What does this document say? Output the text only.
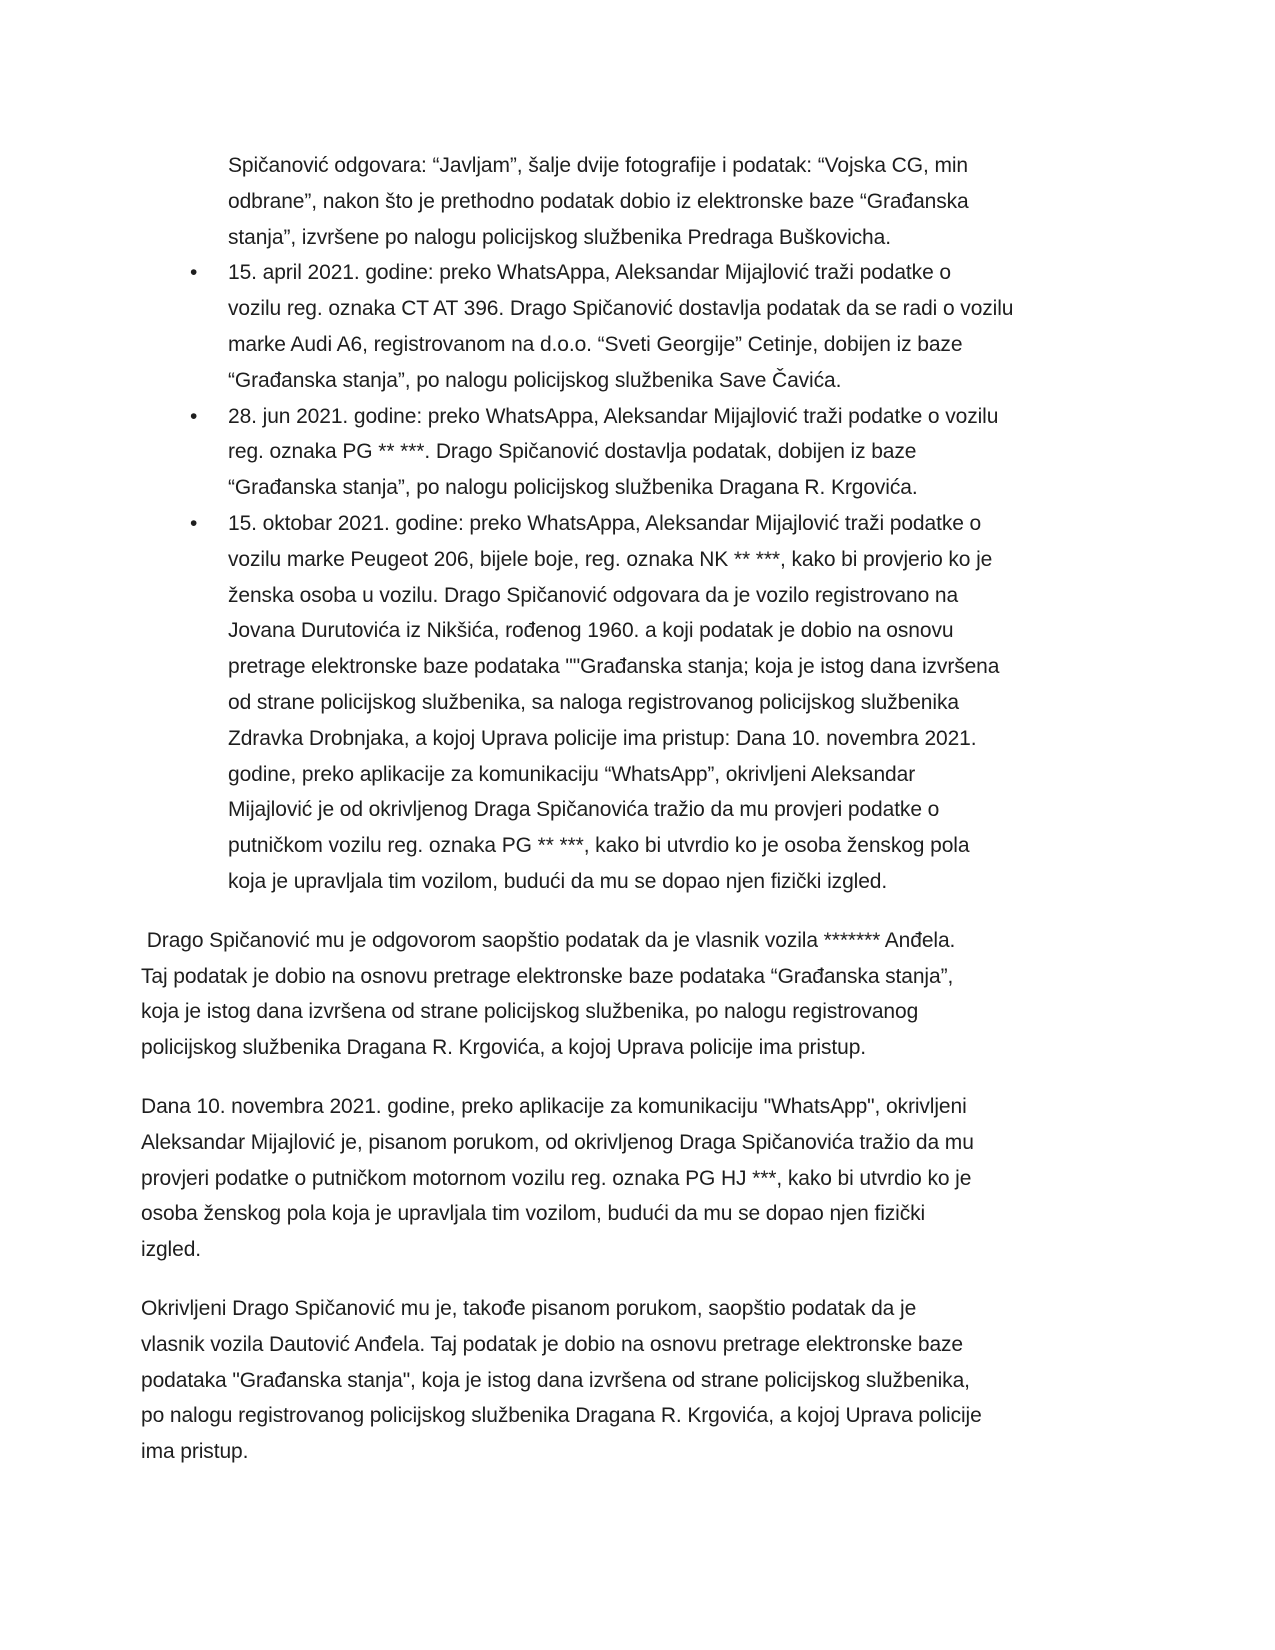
Spičanović odgovara: “Javljam”, šalje dvije fotografije i podatak: “Vojska CG, min
odbrane”, nakon što je prethodno podatak dobio iz elektronske baze “Građanska
stanja”, izvršene po nalogu policijskog službenika Predraga Buškovicha.
• 15. april 2021. godine: preko WhatsAppa, Aleksandar Mijajlović traži podatke o
vozilu reg. oznaka CT AT 396. Drago Spičanović dostavlja podatak da se radi o vozilu
marke Audi A6, registrovanom na d.o.o. “Sveti Georgije” Cetinje, dobijen iz baze
“Građanska stanja”, po nalogu policijskog službenika Save Čavića.
• 28. jun 2021. godine: preko WhatsAppa, Aleksandar Mijajlović traži podatke o vozilu
reg. oznaka PG ** ***. Drago Spičanović dostavlja podatak, dobijen iz baze
“Građanska stanja”, po nalogu policijskog službenika Dragana R. Krgovića.
• 15. oktobar 2021. godine: preko WhatsAppa, Aleksandar Mijajlović traži podatke o
vozilu marke Peugeot 206, bijele boje, reg. oznaka NK ** ***, kako bi provjerio ko je
ženska osoba u vozilu. Drago Spičanović odgovara da je vozilo registrovano na
Jovana Durutovića iz Nikšića, rođenog 1960. a koji podatak je dobio na osnovu
pretrage elektronske baze podataka ""Građanska stanja; koja je istog dana izvršena
od strane policijskog službenika, sa naloga registrovanog policijskog službenika
Zdravka Drobnjaka, a kojoj Uprava policije ima pristup: Dana 10. novembra 2021.
godine, preko aplikacije za komunikaciju “WhatsApp”, okrivljeni Aleksandar
Mijajlović je od okrivljenog Draga Spičanovića tražio da mu provjeri podatke o
putničkom vozilu reg. oznaka PG ** ***, kako bi utvrdio ko je osoba ženskog pola
koja je upravljala tim vozilom, budući da mu se dopao njen fizički izgled.
Drago Spičanović mu je odgovorom saopštio podatak da je vlasnik vozila ******* Anđela.
Taj podatak je dobio na osnovu pretrage elektronske baze podataka “Građanska stanja”,
koja je istog dana izvršena od strane policijskog službenika, po nalogu registrovanog
policijskog službenika Dragana R. Krgovića, a kojoj Uprava policije ima pristup.
Dana 10. novembra 2021. godine, preko aplikacije za komunikaciju "WhatsApp", okrivljeni
Aleksandar Mijajlović je, pisanom porukom, od okrivljenog Draga Spičanovića tražio da mu
provjeri podatke o putničkom motornom vozilu reg. oznaka PG HJ ***, kako bi utvrdio ko je
osoba ženskog pola koja je upravljala tim vozilom, budući da mu se dopao njen fizički
izgled.
Okrivljeni Drago Spičanović mu je, takođe pisanom porukom, saopštio podatak da je
vlasnik vozila Dautović Anđela. Taj podatak je dobio na osnovu pretrage elektronske baze
podataka "Građanska stanja", koja je istog dana izvršena od strane policijskog službenika,
po nalogu registrovanog policijskog službenika Dragana R. Krgovića, a kojoj Uprava policije
ima pristup.
